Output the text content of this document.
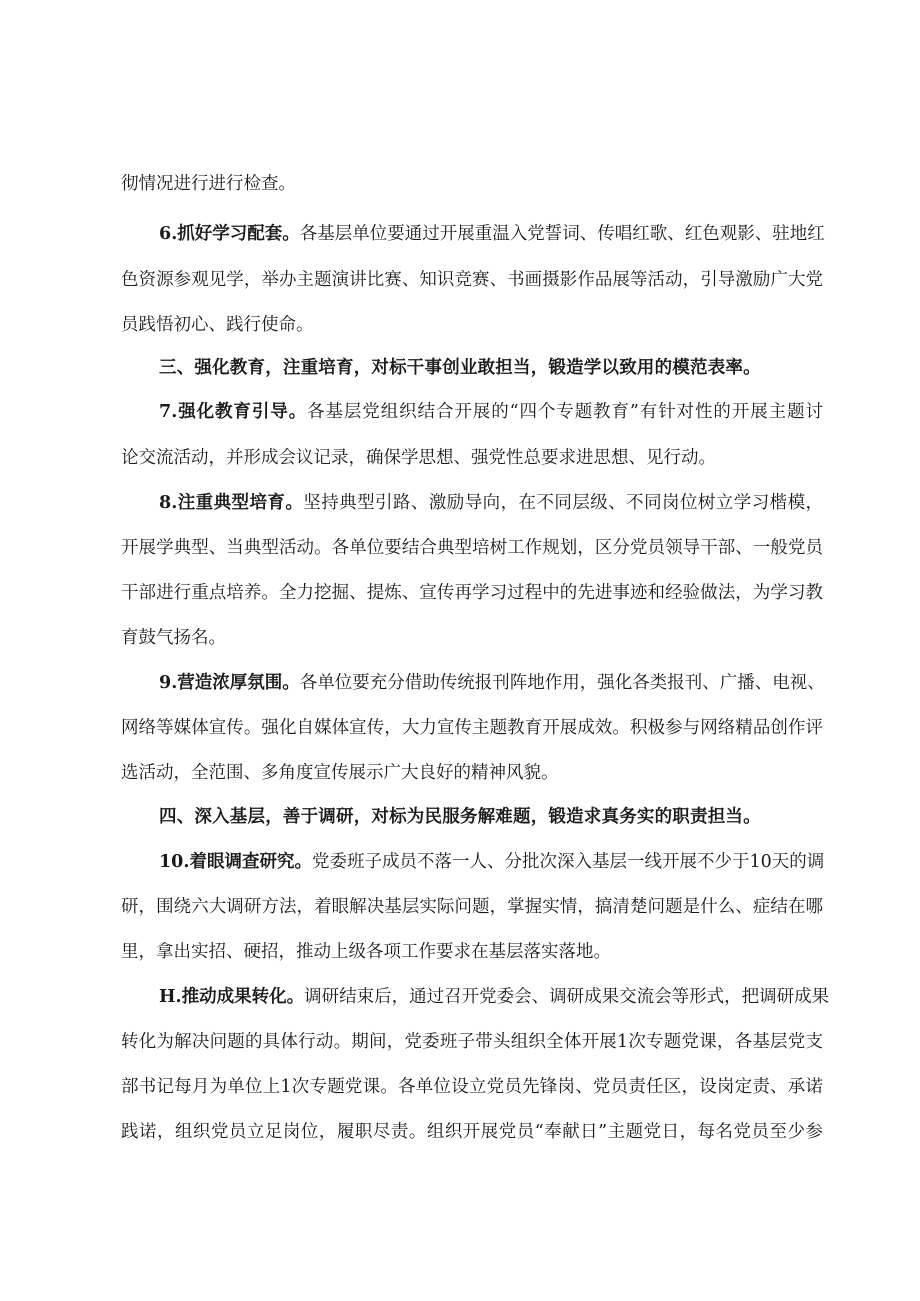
彻情况进行进行检查。
6.抓好学习配套。各基层单位要通过开展重温入党誓词、传唱红歌、红色观影、驻地红
色资源参观见学，举办主题演讲比赛、知识竞赛、书画摄影作品展等活动，引导激励广大党
员践悟初心、践行使命。
三、强化教育，注重培育，对标干事创业敢担当，锻造学以致用的模范表率。
7.强化教育引导。各基层党组织结合开展的“四个专题教育”有针对性的开展主题讨
论交流活动，并形成会议记录，确保学思想、强党性总要求进思想、见行动。
8.注重典型培育。坚持典型引路、激励导向，在不同层级、不同岗位树立学习楷模，
开展学典型、当典型活动。各单位要结合典型培树工作规划，区分党员领导干部、一般党员
干部进行重点培养。全力挖掘、提炼、宣传再学习过程中的先进事迹和经验做法，为学习教
育鼓气扬名。
9.营造浓厚氛围。各单位要充分借助传统报刊阵地作用，强化各类报刊、广播、电视、
网络等媒体宣传。强化自媒体宣传，大力宣传主题教育开展成效。积极参与网络精品创作评
选活动，全范围、多角度宣传展示广大良好的精神风貌。
四、深入基层，善于调研，对标为民服务解难题，锻造求真务实的职责担当。
10.着眼调查研究。党委班子成员不落一人、分批次深入基层一线开展不少于10天的调
研，围绕六大调研方法，着眼解决基层实际问题，掌握实情，搞清楚问题是什么、症结在哪
里，拿出实招、硬招，推动上级各项工作要求在基层落实落地。
H.推动成果转化。调研结束后，通过召开党委会、调研成果交流会等形式，把调研成果
转化为解决问题的具体行动。期间，党委班子带头组织全体开展1次专题党课，各基层党支
部书记每月为单位上1次专题党课。各单位设立党员先锋岗、党员责任区，设岗定责、承诺
践诺，组织党员立足岗位，履职尽责。组织开展党员“奉献日”主题党日，每名党员至少参
